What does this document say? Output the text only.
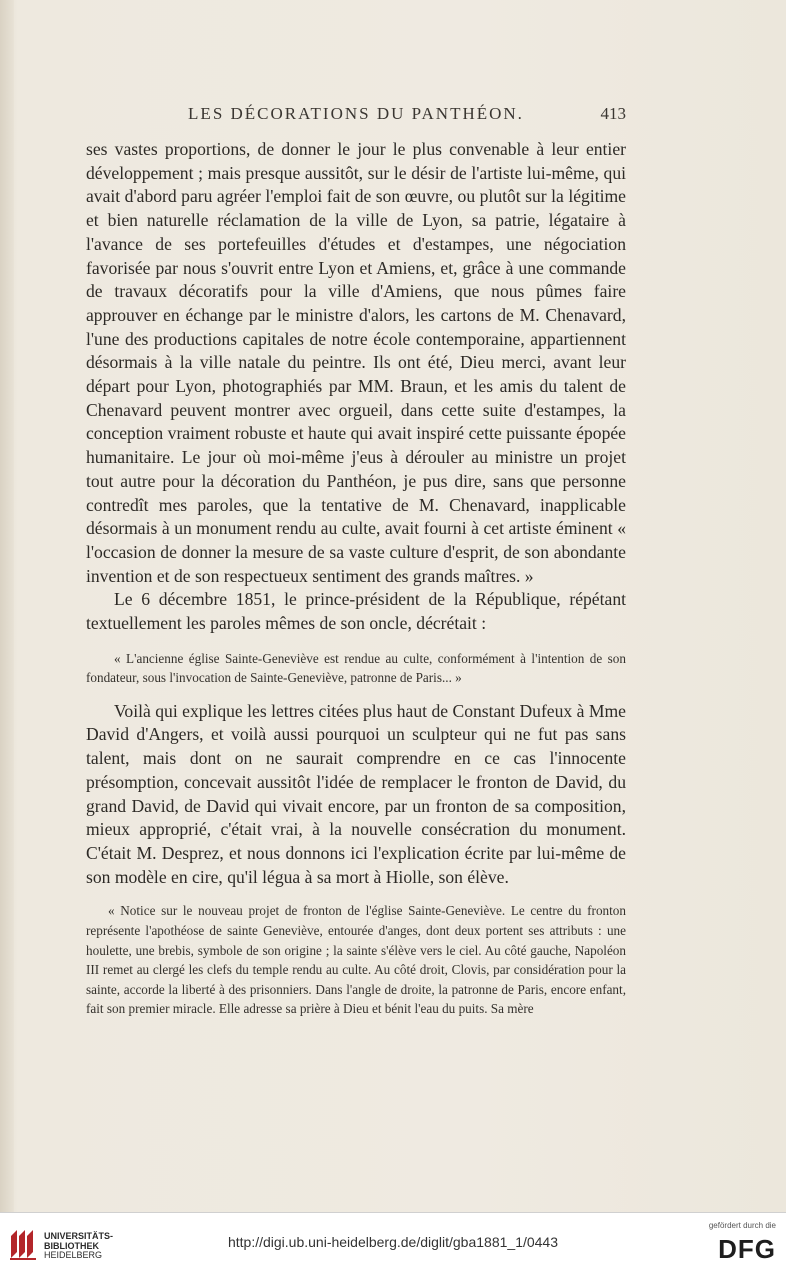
LES DÉCORATIONS DU PANTHÉON.	413

ses vastes proportions, de donner le jour le plus convenable à leur entier développement ; mais presque aussitôt, sur le désir de l'artiste lui-même, qui avait d'abord paru agréer l'emploi fait de son œuvre, ou plutôt sur la légitime et bien naturelle réclamation de la ville de Lyon, sa patrie, légataire à l'avance de ses portefeuilles d'études et d'estampes, une négociation favorisée par nous s'ouvrit entre Lyon et Amiens, et, grâce à une commande de travaux décoratifs pour la ville d'Amiens, que nous pûmes faire approuver en échange par le ministre d'alors, les cartons de M. Chenavard, l'une des productions capitales de notre école contemporaine, appartiennent désormais à la ville natale du peintre. Ils ont été, Dieu merci, avant leur départ pour Lyon, photographiés par MM. Braun, et les amis du talent de Chenavard peuvent montrer avec orgueil, dans cette suite d'estampes, la conception vraiment robuste et haute qui avait inspiré cette puissante épopée humanitaire. Le jour où moi-même j'eus à dérouler au ministre un projet tout autre pour la décoration du Panthéon, je pus dire, sans que personne contredît mes paroles, que la tentative de M. Chenavard, inapplicable désormais à un monument rendu au culte, avait fourni à cet artiste éminent « l'occasion de donner la mesure de sa vaste culture d'esprit, de son abondante invention et de son respectueux sentiment des grands maîtres. »

Le 6 décembre 1851, le prince-président de la République, répétant textuellement les paroles mêmes de son oncle, décrétait :

« L'ancienne église Sainte-Geneviève est rendue au culte, conformément à l'intention de son fondateur, sous l'invocation de Sainte-Geneviève, patronne de Paris... »

Voilà qui explique les lettres citées plus haut de Constant Dufeux à Mme David d'Angers, et voilà aussi pourquoi un sculpteur qui ne fut pas sans talent, mais dont on ne saurait comprendre en ce cas l'innocente présomption, concevait aussitôt l'idée de remplacer le fronton de David, du grand David, de David qui vivait encore, par un fronton de sa composition, mieux approprié, c'était vrai, à la nouvelle consécration du monument. C'était M. Desprez, et nous donnons ici l'explication écrite par lui-même de son modèle en cire, qu'il légua à sa mort à Hiolle, son élève.

« Notice sur le nouveau projet de fronton de l'église Sainte-Geneviève. Le centre du fronton représente l'apothéose de sainte Geneviève, entourée d'anges, dont deux portent ses attributs : une houlette, une brebis, symbole de son origine ; la sainte s'élève vers le ciel. Au côté gauche, Napoléon III remet au clergé les clefs du temple rendu au culte. Au côté droit, Clovis, par considération pour la sainte, accorde la liberté à des prisonniers. Dans l'angle de droite, la patronne de Paris, encore enfant, fait son premier miracle. Elle adresse sa prière à Dieu et bénit l'eau du puits. Sa mère

UNIVERSITÄTS-
BIBLIOTHEK
HEIDELBERG
http://digi.ub.uni-heidelberg.de/diglit/gba1881_1/0443
gefördert durch die
DFG
